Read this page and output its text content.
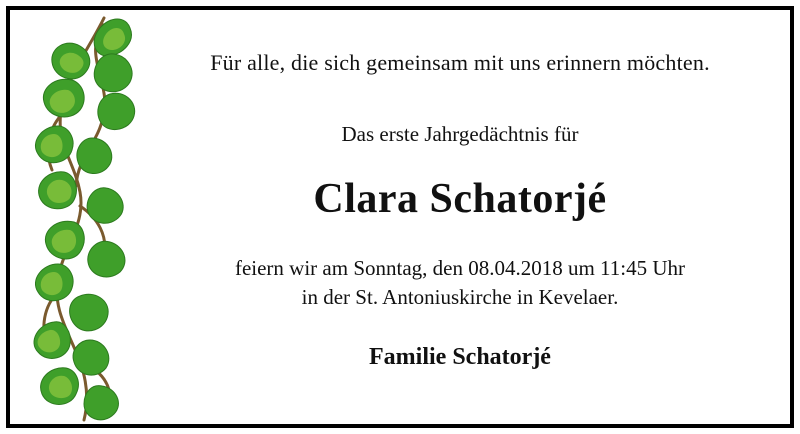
Für alle, die sich gemeinsam mit uns erinnern möchten.
Das erste Jahrgedächtnis für
Clara Schatorjé
feiern wir am Sonntag, den 08.04.2018 um 11:45 Uhr
in der St. Antoniuskirche in Kevelaer.
Familie Schatorjé
